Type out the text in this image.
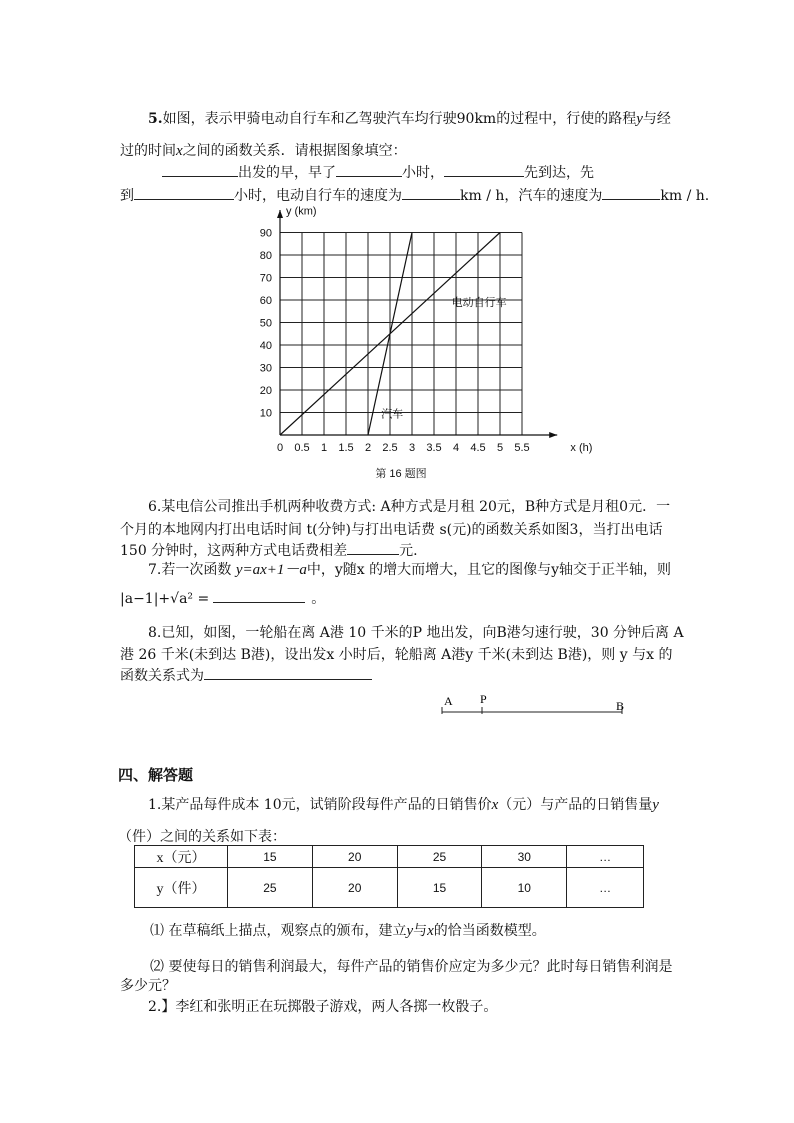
5.如图，表示甲骑电动自行车和乙驾驶汽车均行驶90km的过程中，行使的路程y与经
过的时间x之间的函数关系．请根据图象填空：
出发的早，早了	小时，	先到达，先
到	小时，电动自行车的速度为	km / h，汽车的速度为	km / h.
0 0.5 1 1.5 2 2.5 3 3.5 4 4.5 5 5.5
10
20
30
40
50
60
70
80
90
y (km)
x (h)
电动自行车
汽车
第 16 题图
6.某电信公司推出手机两种收费方式: A种方式是月租 20元，B种方式是月租0元．一
个月的本地网内打出电话时间 t(分钟)与打出电话费 s(元)的函数关系如图3，当打出电话
150 分钟时，这两种方式电话费相差	元.
7.若一次函数 y=ax+1－a中，y随x 的增大而增大，且它的图像与y轴交于正半轴，则
|a−1|+√a² =	。
8.已知，如图，一轮船在离 A港 10 千米的P 地出发，向B港匀速行驶，30 分钟后离 A
港 26 千米(未到达 B港)，设出发x 小时后，轮船离 A港y 千米(未到达 B港)，则 y 与x 的
函数关系式为
A P	B
四、解答题
1.某产品每件成本 10元，试销阶段每件产品的日销售价x（元）与产品的日销售量y
（件）之间的关系如下表：
x（元）	15	20	25	30	…
y（件）	25	20	15	10	…
⑴ 在草稿纸上描点，观察点的颁布，建立y与x的恰当函数模型。
⑵ 要使每日的销售利润最大，每件产品的销售价应定为多少元？此时每日销售利润是
多少元？
2.】李红和张明正在玩掷骰子游戏，两人各掷一枚骰子。
